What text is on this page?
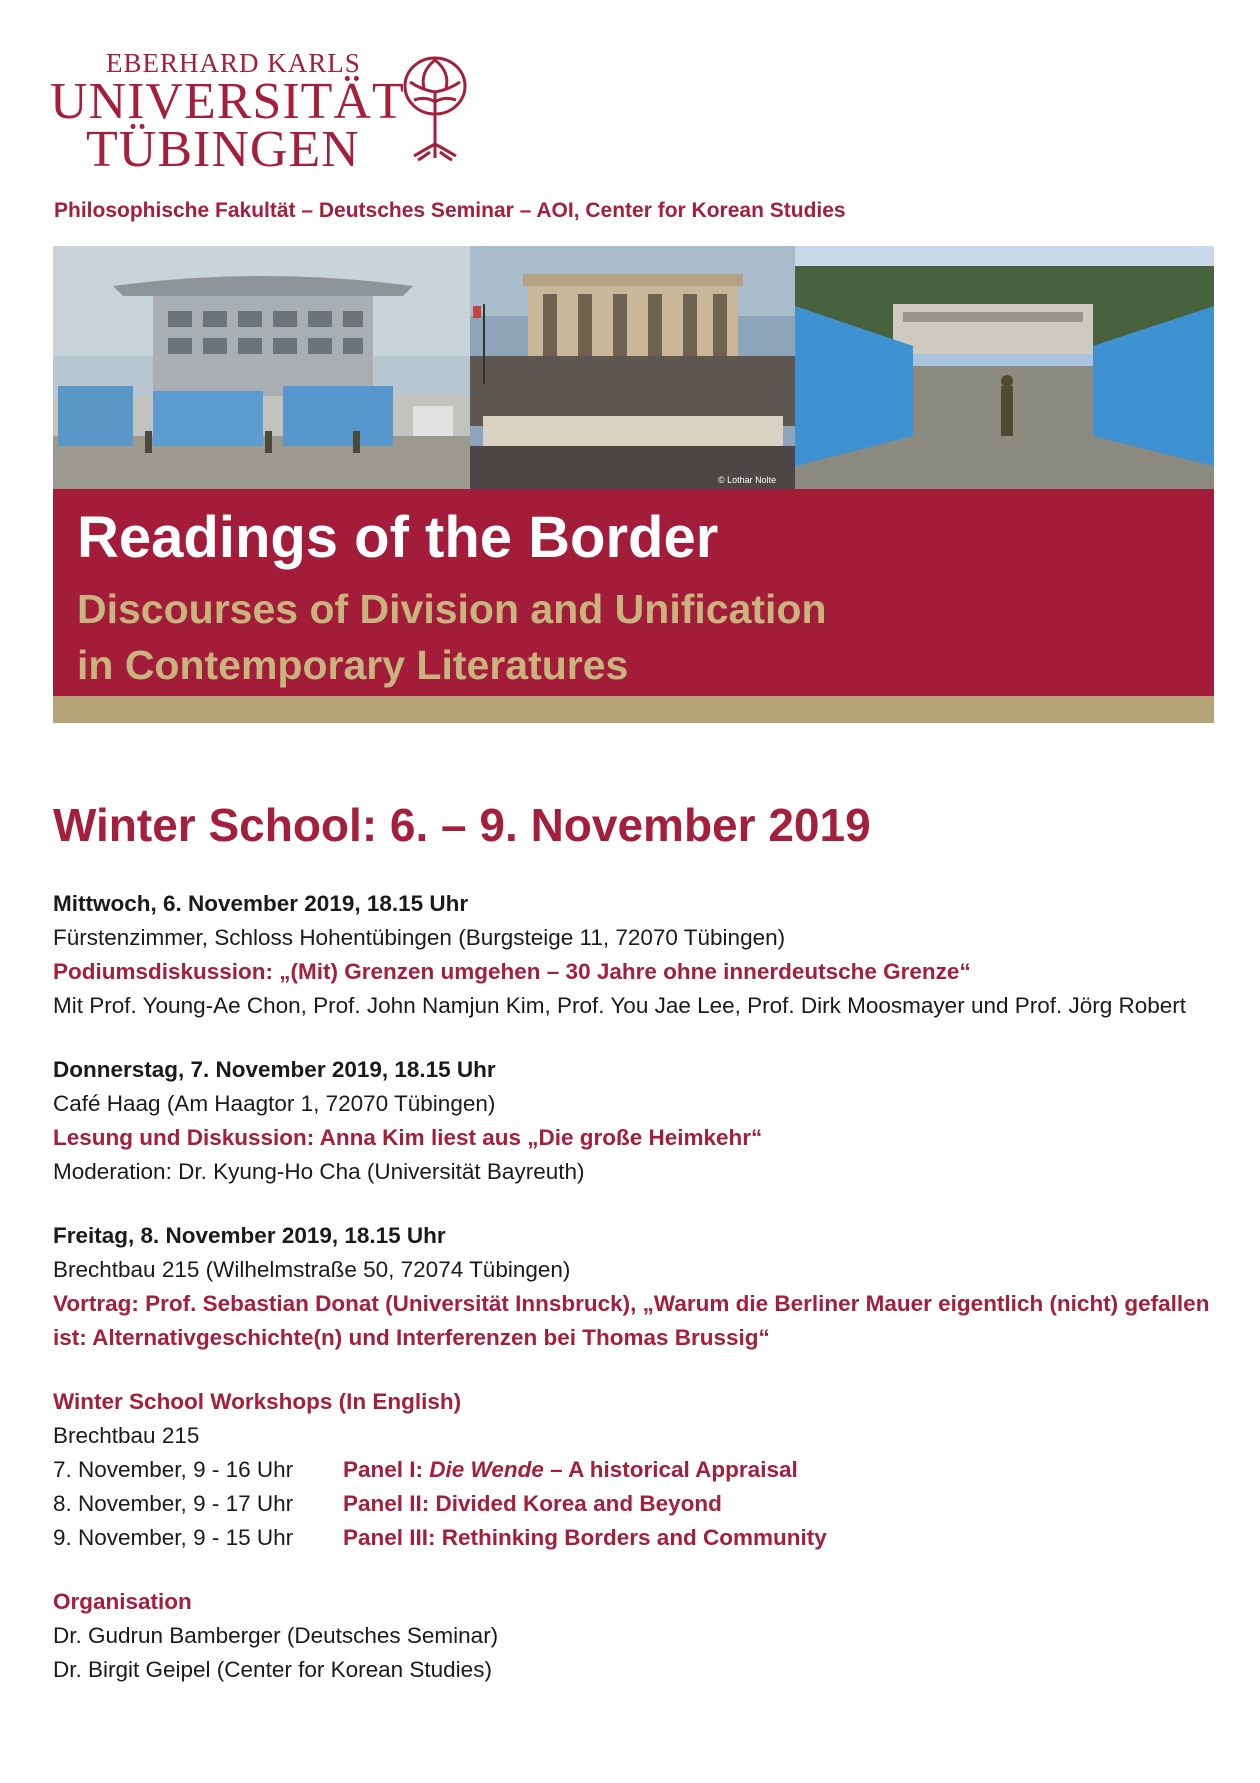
EBERHARD KARLS
UNIVERSITÄT
TÜBINGEN
Philosophische Fakultät – Deutsches Seminar – AOI, Center for Korean Studies
© Lothar Nolte
Readings of the Border
Discourses of Division and Unification
in Contemporary Literatures
Winter School: 6. – 9. November 2019
Mittwoch, 6. November 2019, 18.15 Uhr
Fürstenzimmer, Schloss Hohentübingen (Burgsteige 11, 72070 Tübingen)
Podiumsdiskussion: „(Mit) Grenzen umgehen – 30 Jahre ohne innerdeutsche Grenze“
Mit Prof. Young-Ae Chon, Prof. John Namjun Kim, Prof. You Jae Lee, Prof. Dirk Moosmayer und Prof. Jörg Robert
Donnerstag, 7. November 2019, 18.15 Uhr
Café Haag (Am Haagtor 1, 72070 Tübingen)
Lesung und Diskussion: Anna Kim liest aus „Die große Heimkehr“
Moderation: Dr. Kyung-Ho Cha (Universität Bayreuth)
Freitag, 8. November 2019, 18.15 Uhr
Brechtbau 215 (Wilhelmstraße 50, 72074 Tübingen)
Vortrag: Prof. Sebastian Donat (Universität Innsbruck), „Warum die Berliner Mauer eigentlich (nicht) gefallen ist: Alternativgeschichte(n) und Interferenzen bei Thomas Brussig“
Winter School Workshops (In English)
Brechtbau 215
7. November, 9 - 16 Uhr Panel I: Die Wende – A historical Appraisal
8. November, 9 - 17 Uhr Panel II: Divided Korea and Beyond
9. November, 9 - 15 Uhr Panel III: Rethinking Borders and Community
Organisation
Dr. Gudrun Bamberger (Deutsches Seminar)
Dr. Birgit Geipel (Center for Korean Studies)
